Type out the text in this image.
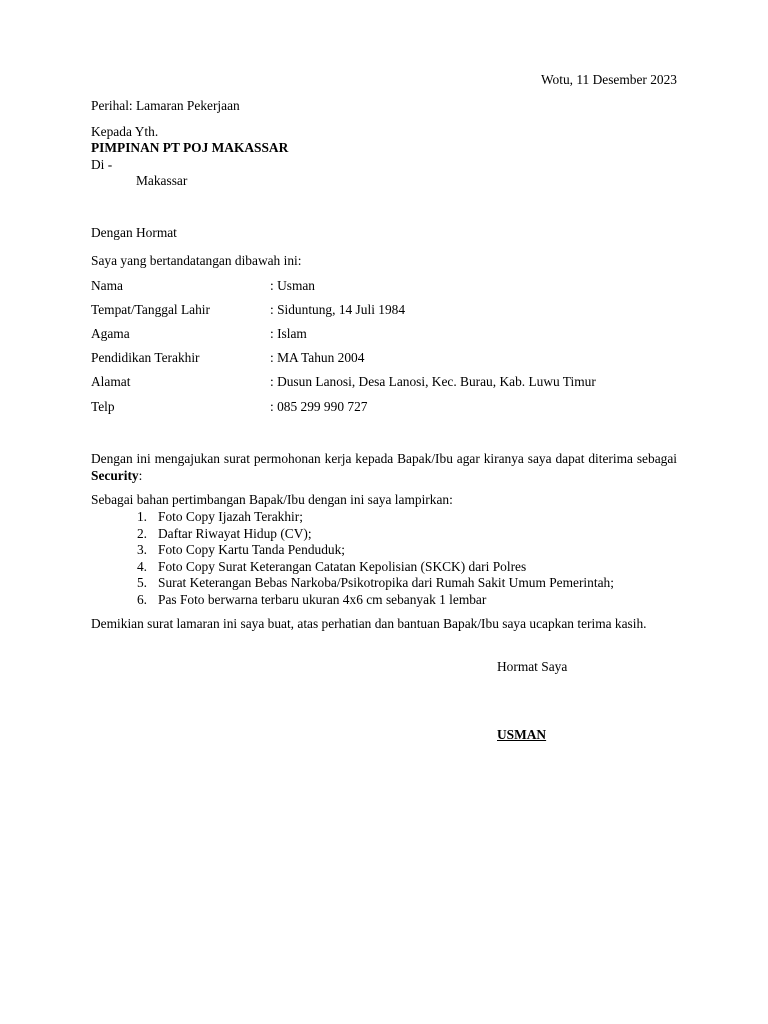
Wotu, 11 Desember 2023
Perihal: Lamaran Pekerjaan
Kepada Yth.
PIMPINAN PT POJ MAKASSAR
Di -
Makassar
Dengan Hormat
Saya yang bertandatangan dibawah ini:
Nama	: Usman
Tempat/Tanggal Lahir	: Siduntung, 14 Juli 1984
Agama	: Islam
Pendidikan Terakhir	: MA Tahun 2004
Alamat	: Dusun Lanosi, Desa Lanosi, Kec. Burau, Kab. Luwu Timur
Telp	: 085 299 990 727
Dengan ini mengajukan surat permohonan kerja kepada Bapak/Ibu agar kiranya saya dapat diterima sebagai Security:
Sebagai bahan pertimbangan Bapak/Ibu dengan ini saya lampirkan:
1. Foto Copy Ijazah Terakhir;
2. Daftar Riwayat Hidup (CV);
3. Foto Copy Kartu Tanda Penduduk;
4. Foto Copy Surat Keterangan Catatan Kepolisian (SKCK) dari Polres
5. Surat Keterangan Bebas Narkoba/Psikotropika dari Rumah Sakit Umum Pemerintah;
6. Pas Foto berwarna terbaru ukuran 4x6 cm sebanyak 1 lembar
Demikian surat lamaran ini saya buat, atas perhatian dan bantuan Bapak/Ibu saya ucapkan terima kasih.
Hormat Saya
USMAN
